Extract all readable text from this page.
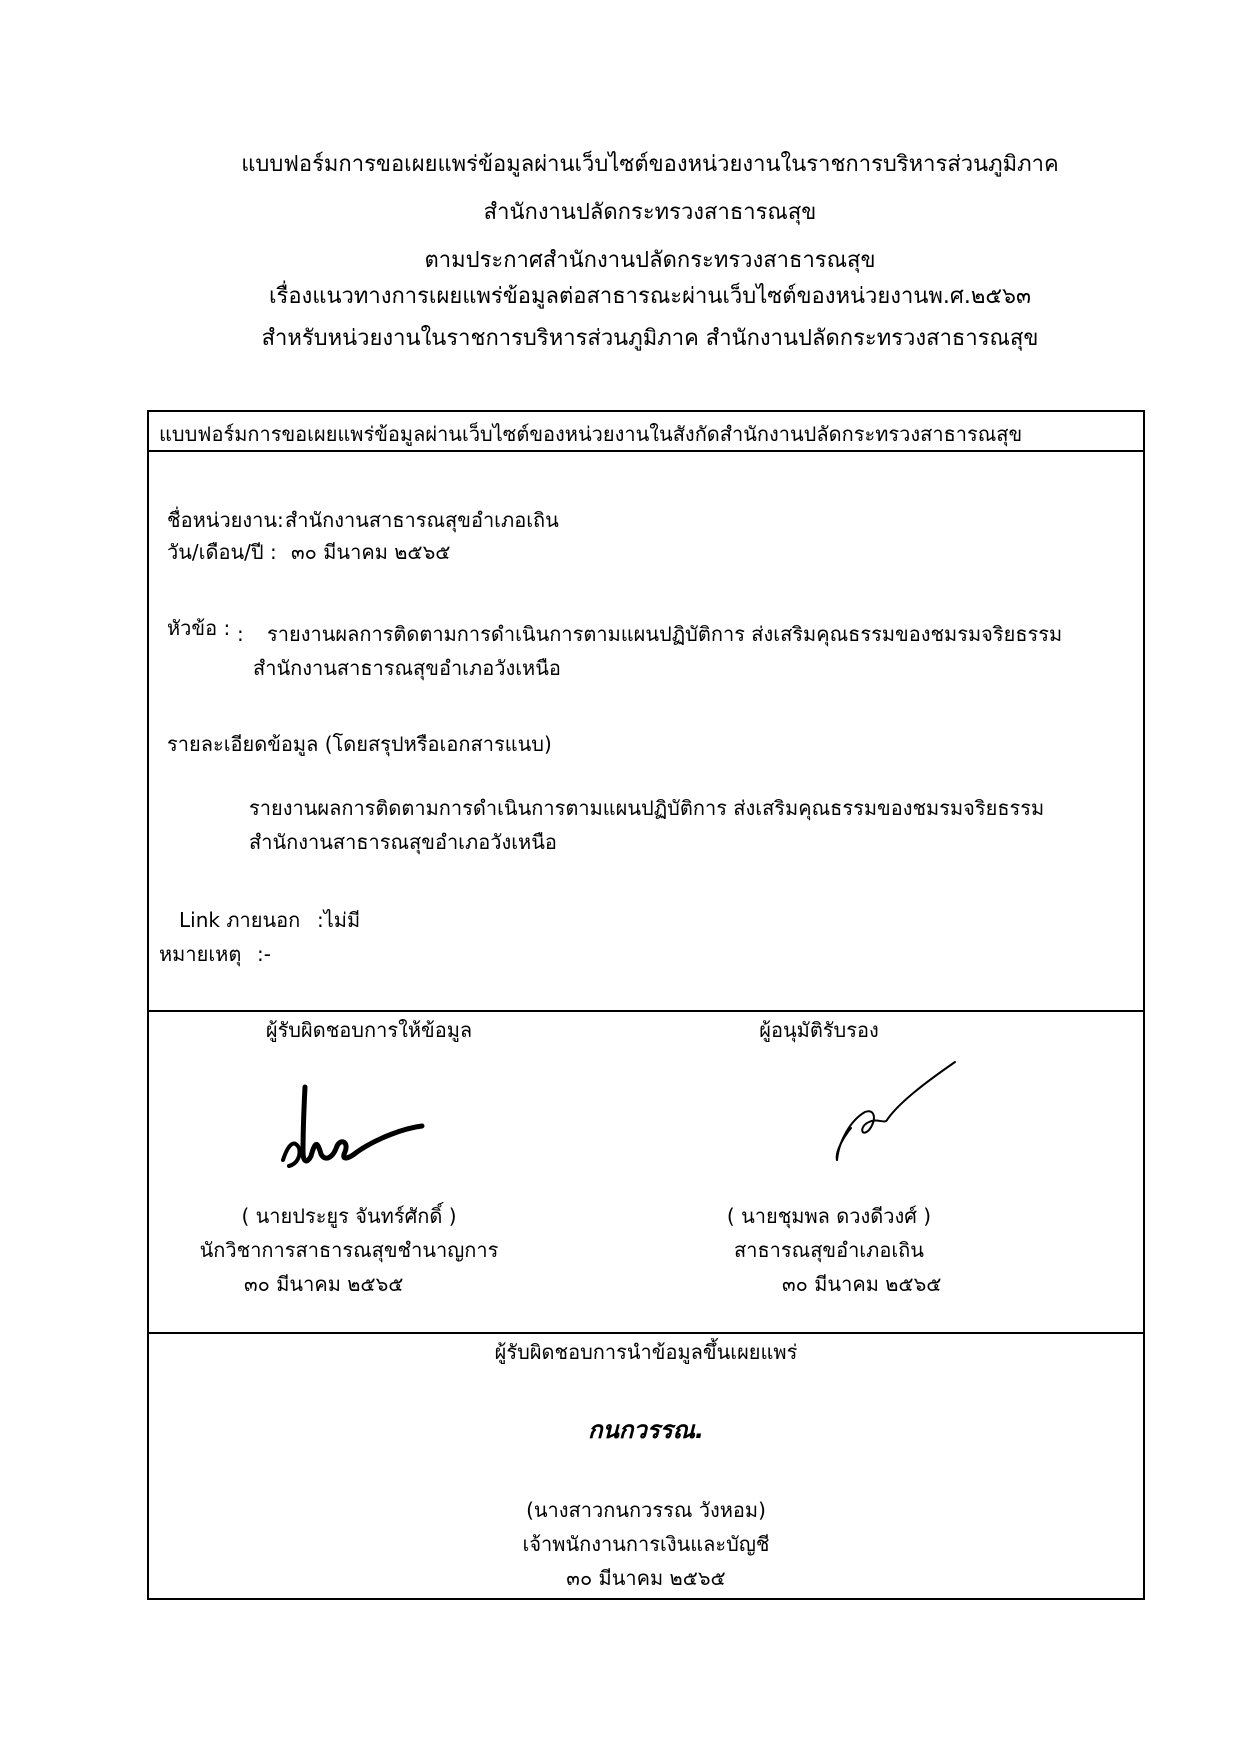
แบบฟอร์มการขอเผยแพร่ข้อมูลผ่านเว็บไซต์ของหน่วยงานในราชการบริหารส่วนภูมิภาค
สำนักงานปลัดกระทรวงสาธารณสุข
ตามประกาศสำนักงานปลัดกระทรวงสาธารณสุข
เรื่องแนวทางการเผยแพร่ข้อมูลต่อสาธารณะผ่านเว็บไซต์ของหน่วยงานพ.ศ.๒๕๖๓
สำหรับหน่วยงานในราชการบริหารส่วนภูมิภาค สำนักงานปลัดกระทรวงสาธารณสุข
แบบฟอร์มการขอเผยแพร่ข้อมูลผ่านเว็บไซต์ของหน่วยงานในสังกัดสำนักงานปลัดกระทรวงสาธารณสุข
ชื่อหน่วยงาน: สำนักงานสาธารณสุขอำเภอเถิน
วัน/เดือน/ปี : ๓๐ มีนาคม ๒๕๖๕
หัวข้อ : : รายงานผลการติดตามการดำเนินการตามแผนปฏิบัติการ ส่งเสริมคุณธรรมของชมรมจริยธรรม
สำนักงานสาธารณสุขอำเภอวังเหนือ
รายละเอียดข้อมูล (โดยสรุปหรือเอกสารแนบ)
รายงานผลการติดตามการดำเนินการตามแผนปฏิบัติการ ส่งเสริมคุณธรรมของชมรมจริยธรรม
สำนักงานสาธารณสุขอำเภอวังเหนือ
Link ภายนอก :ไม่มี
หมายเหตุ :-
ผู้รับผิดชอบการให้ข้อมูล
( นายประยูร จันทร์ศักดิ์ )
นักวิชาการสาธารณสุขชำนาญการ
๓๐ มีนาคม ๒๕๖๕
ผู้อนุมัติรับรอง
( นายชุมพล ดวงดีวงศ์ )
สาธารณสุขอำเภอเถิน
๓๐ มีนาคม ๒๕๖๕
ผู้รับผิดชอบการนำข้อมูลขึ้นเผยแพร่
กนกวรรณ.
(นางสาวกนกวรรณ วังหอม)
เจ้าพนักงานการเงินและบัญชี
๓๐ มีนาคม ๒๕๖๕
